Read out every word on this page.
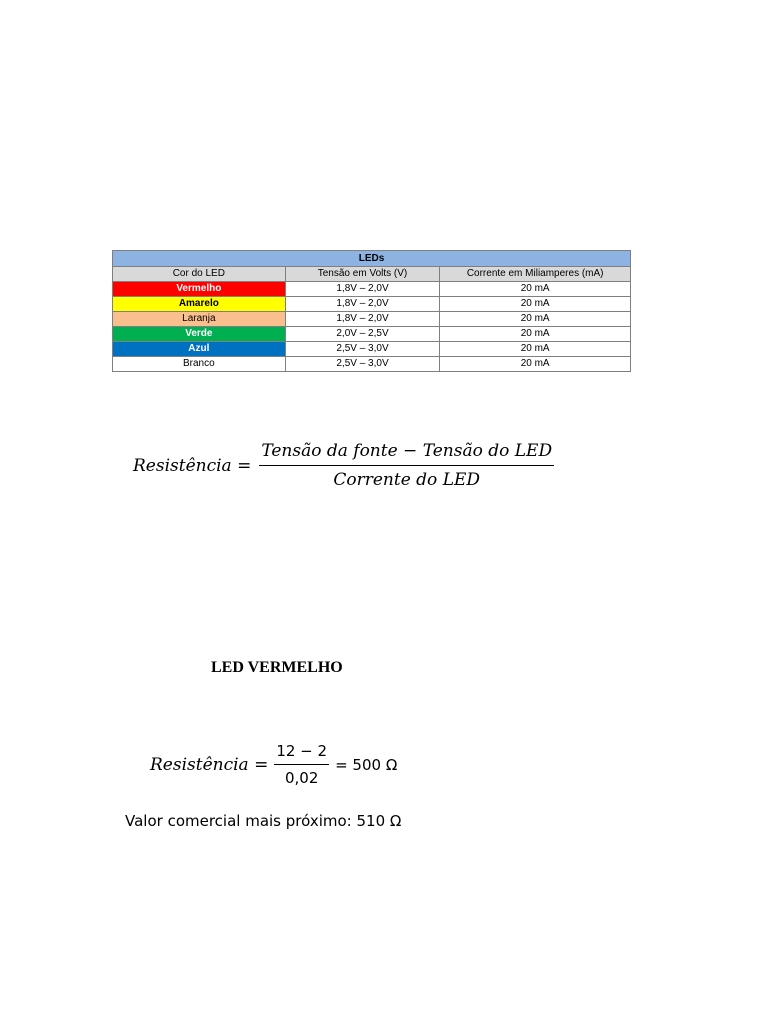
LEDs		
Cor do LED	Tensão em Volts (V)	Corrente em Miliamperes (mA)
Vermelho	1,8V – 2,0V	20 mA
Amarelo	1,8V – 2,0V	20 mA
Laranja	1,8V – 2,0V	20 mA
Verde	2,0V – 2,5V	20 mA
Azul	2,5V – 3,0V	20 mA
Branco	2,5V – 3,0V	20 mA
Resistência = $\frac{\text{Tensão da fonte − Tensão do LED}}{\text{Corrente do LED}}$
LED VERMELHO
Resistência = $\frac{12 - 2}{0,02} = 500$ Ω
Valor comercial mais próximo: 510 Ω
